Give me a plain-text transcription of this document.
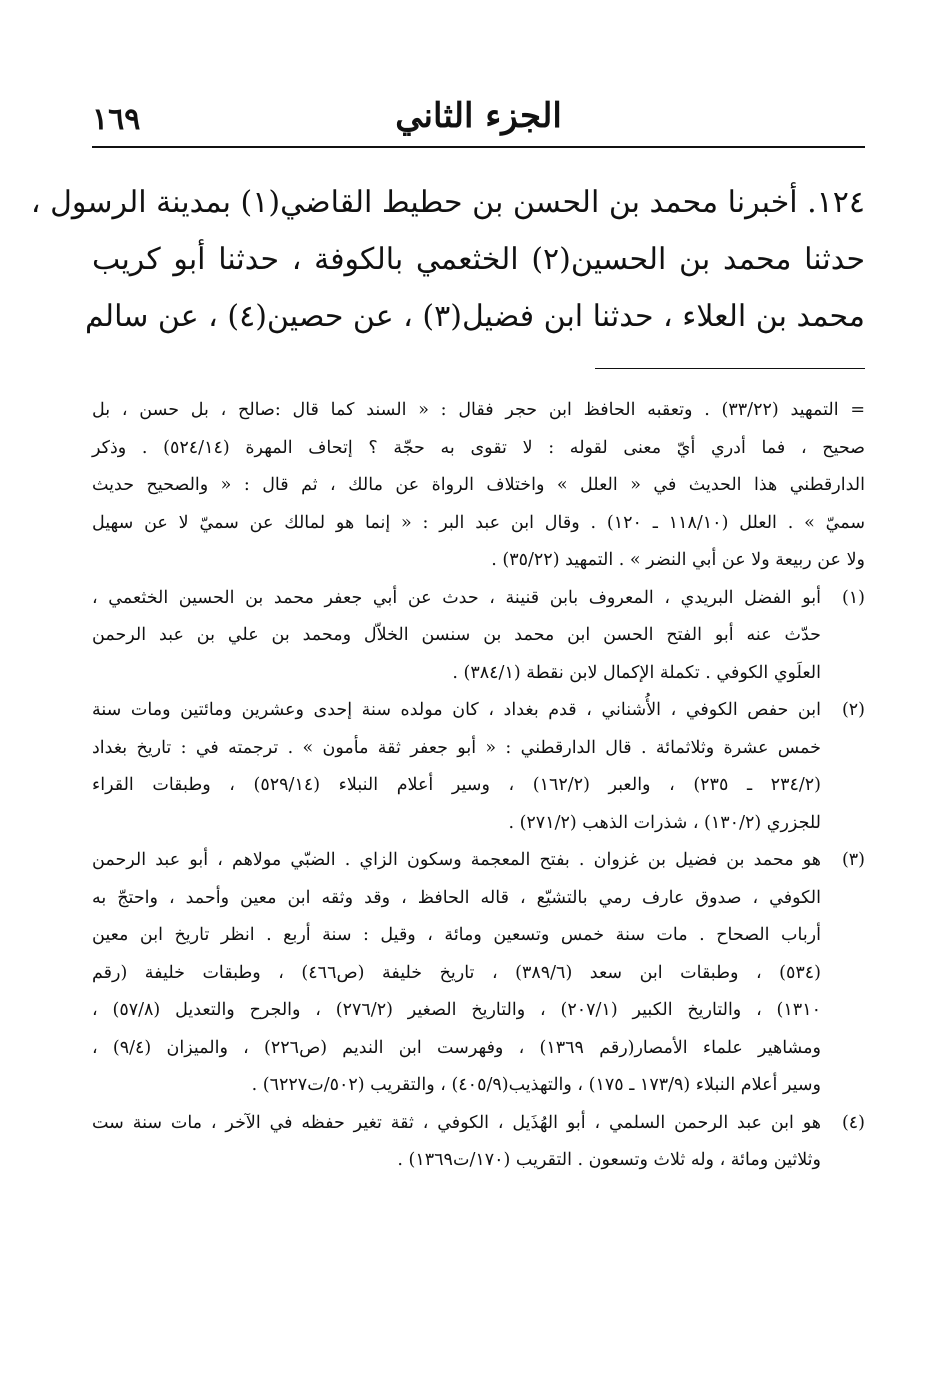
١٦٩	الجزء الثاني
١٢٤. أخبرنا محمد بن الحسن بن حطيط القاضي(١) بمدينة الرسول ،
حدثنا محمد بن الحسين(٢) الخثعمي بالكوفة ، حدثنا أبو كريب
محمد بن العلاء ، حدثنا ابن فضيل(٣) ، عن حصين(٤) ، عن سالم
= التمهيد (٣٣/٢٢) . وتعقبه الحافظ ابن حجر فقال : « السند كما قال :صالح ، بل حسن ، بل
صحيح ، فما أدري أيّ معنى لقوله : لا تقوى به حجّة ؟ إتحاف المهرة (٥٢٤/١٤) . وذكر
الدارقطني هذا الحديث في « العلل » واختلاف الرواة عن مالك ، ثم قال : « والصحيح حديث
سميّ » . العلل (١١٨/١٠ ـ ١٢٠) . وقال ابن عبد البر : « إنما هو لمالك عن سميّ لا عن سهيل
ولا عن ربيعة ولا عن أبي النضر » . التمهيد (٣٥/٢٢) .
(١)
أبو الفضل البريدي ، المعروف بابن قنينة ، حدث عن أبي جعفر محمد بن الحسين الخثعمي ،
حدّث عنه أبو الفتح الحسن ابن محمد بن سنسن الخلاّل ومحمد بن علي بن عبد الرحمن
العلَوي الكوفي . تكملة الإكمال لابن نقطة (٣٨٤/١) .
(٢)
ابن حفص الكوفي ، الأُشناني ، قدم بغداد ، كان مولده سنة إحدى وعشرين ومائتين ومات سنة
خمس عشرة وثلاثمائة . قال الدارقطني : « أبو جعفر ثقة مأمون » . ترجمته في : تاريخ بغداد
(٢٣٤/٢ ـ ٢٣٥) ، والعبر (١٦٢/٢) ، وسير أعلام النبلاء (٥٢٩/١٤) ، وطبقات القراء
للجزري (١٣٠/٢) ، شذرات الذهب (٢٧١/٢) .
(٣)
هو محمد بن فضيل بن غزوان . بفتح المعجمة وسكون الزاي . الضبّي مولاهم ، أبو عبد الرحمن
الكوفي ، صدوق عارف رمي بالتشيّع ، قاله الحافظ ، وقد وثقه ابن معين وأحمد ، واحتجّ به
أرباب الصحاح . مات سنة خمس وتسعين ومائة ، وقيل : سنة أربع . انظر تاريخ ابن معين
(٥٣٤) ، وطبقات ابن سعد (٣٨٩/٦) ، تاريخ خليفة (ص٤٦٦) ، وطبقات خليفة (رقم
١٣١٠) ، والتاريخ الكبير (٢٠٧/١) ، والتاريخ الصغير (٢٧٦/٢) ، والجرح والتعديل (٥٧/٨) ،
ومشاهير علماء الأمصار(رقم ١٣٦٩) ، وفهرست ابن النديم (ص٢٢٦) ، والميزان (٩/٤) ،
وسير أعلام النبلاء (١٧٣/٩ ـ ١٧٥) ، والتهذيب(٤٠٥/٩) ، والتقريب (٥٠٢/ت٦٢٢٧) .
(٤)
هو ابن عبد الرحمن السلمي ، أبو الهُذَيل ، الكوفي ، ثقة تغير حفظه في الآخر ، مات سنة ست
وثلاثين ومائة ، وله ثلاث وتسعون . التقريب (١٧٠/ت١٣٦٩) .
